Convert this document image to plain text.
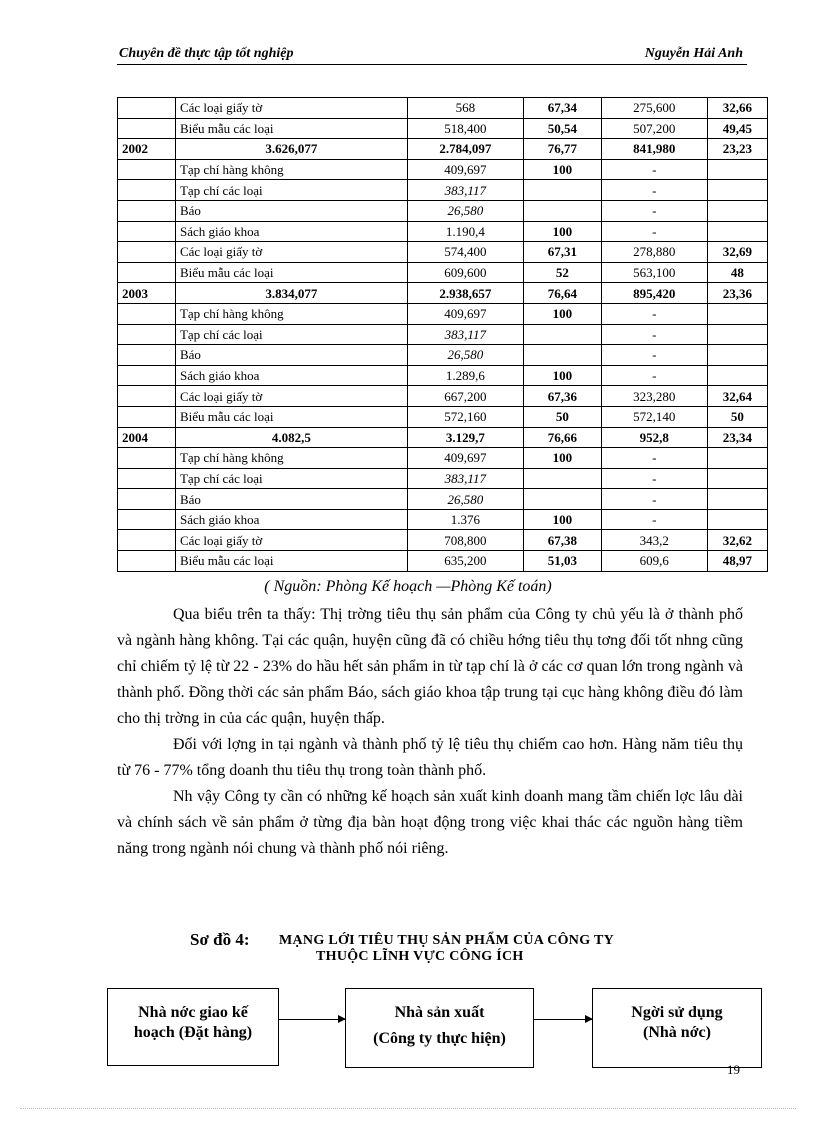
Chuyên đề thực tập tốt nghiệp	Nguyễn Hải Anh
	Các loại giấy tờ	568	67,34	275,600	32,66
	Biểu mẫu các loại	518,400	50,54	507,200	49,45
2002	3.626,077	2.784,097	76,77	841,980	23,23
	Tạp chí hàng không	409,697	100	-	
	Tạp chí các loại	383,117		-	
	Báo	26,580		-	
	Sách giáo khoa	1.190,4	100	-	
	Các loại giấy tờ	574,400	67,31	278,880	32,69
	Biểu mẫu các loại	609,600	52	563,100	48
2003	3.834,077	2.938,657	76,64	895,420	23,36
	Tạp chí hàng không	409,697	100	-	
	Tạp chí các loại	383,117		-	
	Báo	26,580		-	
	Sách giáo khoa	1.289,6	100	-	
	Các loại giấy tờ	667,200	67,36	323,280	32,64
	Biểu mẫu các loại	572,160	50	572,140	50
2004	4.082,5	3.129,7	76,66	952,8	23,34
	Tạp chí hàng không	409,697	100	-	
	Tạp chí các loại	383,117		-	
	Báo	26,580		-	
	Sách giáo khoa	1.376	100	-	
	Các loại giấy tờ	708,800	67,38	343,2	32,62
	Biểu mẫu các loại	635,200	51,03	609,6	48,97
( Nguồn: Phòng Kế hoạch —Phòng Kế toán)

Qua biểu trên ta thấy: Thị trờng tiêu thụ sản phẩm của Công ty chủ yếu là ở thành phố và ngành hàng không. Tại các quận, huyện cũng đã có chiều hớng tiêu thụ tơng đối tốt nhng cũng chỉ chiếm tỷ lệ từ 22 - 23% do hầu hết sản phẩm in từ tạp chí là ở các cơ quan lớn trong ngành và thành phố. Đồng thời các sản phẩm Báo, sách giáo khoa tập trung tại cục hàng không điều đó làm cho thị trờng in của các quận, huyện thấp.

Đối với lợng in tại ngành và thành phố tỷ lệ tiêu thụ chiếm cao hơn. Hàng năm tiêu thụ từ 76 - 77% tổng doanh thu tiêu thụ trong toàn thành phố.

Nh vậy Công ty cần có những kế hoạch sản xuất kinh doanh mang tầm chiến lợc lâu dài và chính sách về sản phẩm ở từng địa bàn hoạt động trong việc khai thác các nguồn hàng tiềm năng trong ngành nói chung và thành phố nói riêng.

Sơ đồ 4: MẠNG LỚI TIÊU THỤ SẢN PHẨM CỦA CÔNG TY
THUỘC LĨNH VỰC CÔNG ÍCH
Nhà nớc giao kế
hoạch (Đặt hàng)
Nhà sản xuất
(Công ty thực hiện)
Ngời sử dụng
(Nhà nớc)
19
